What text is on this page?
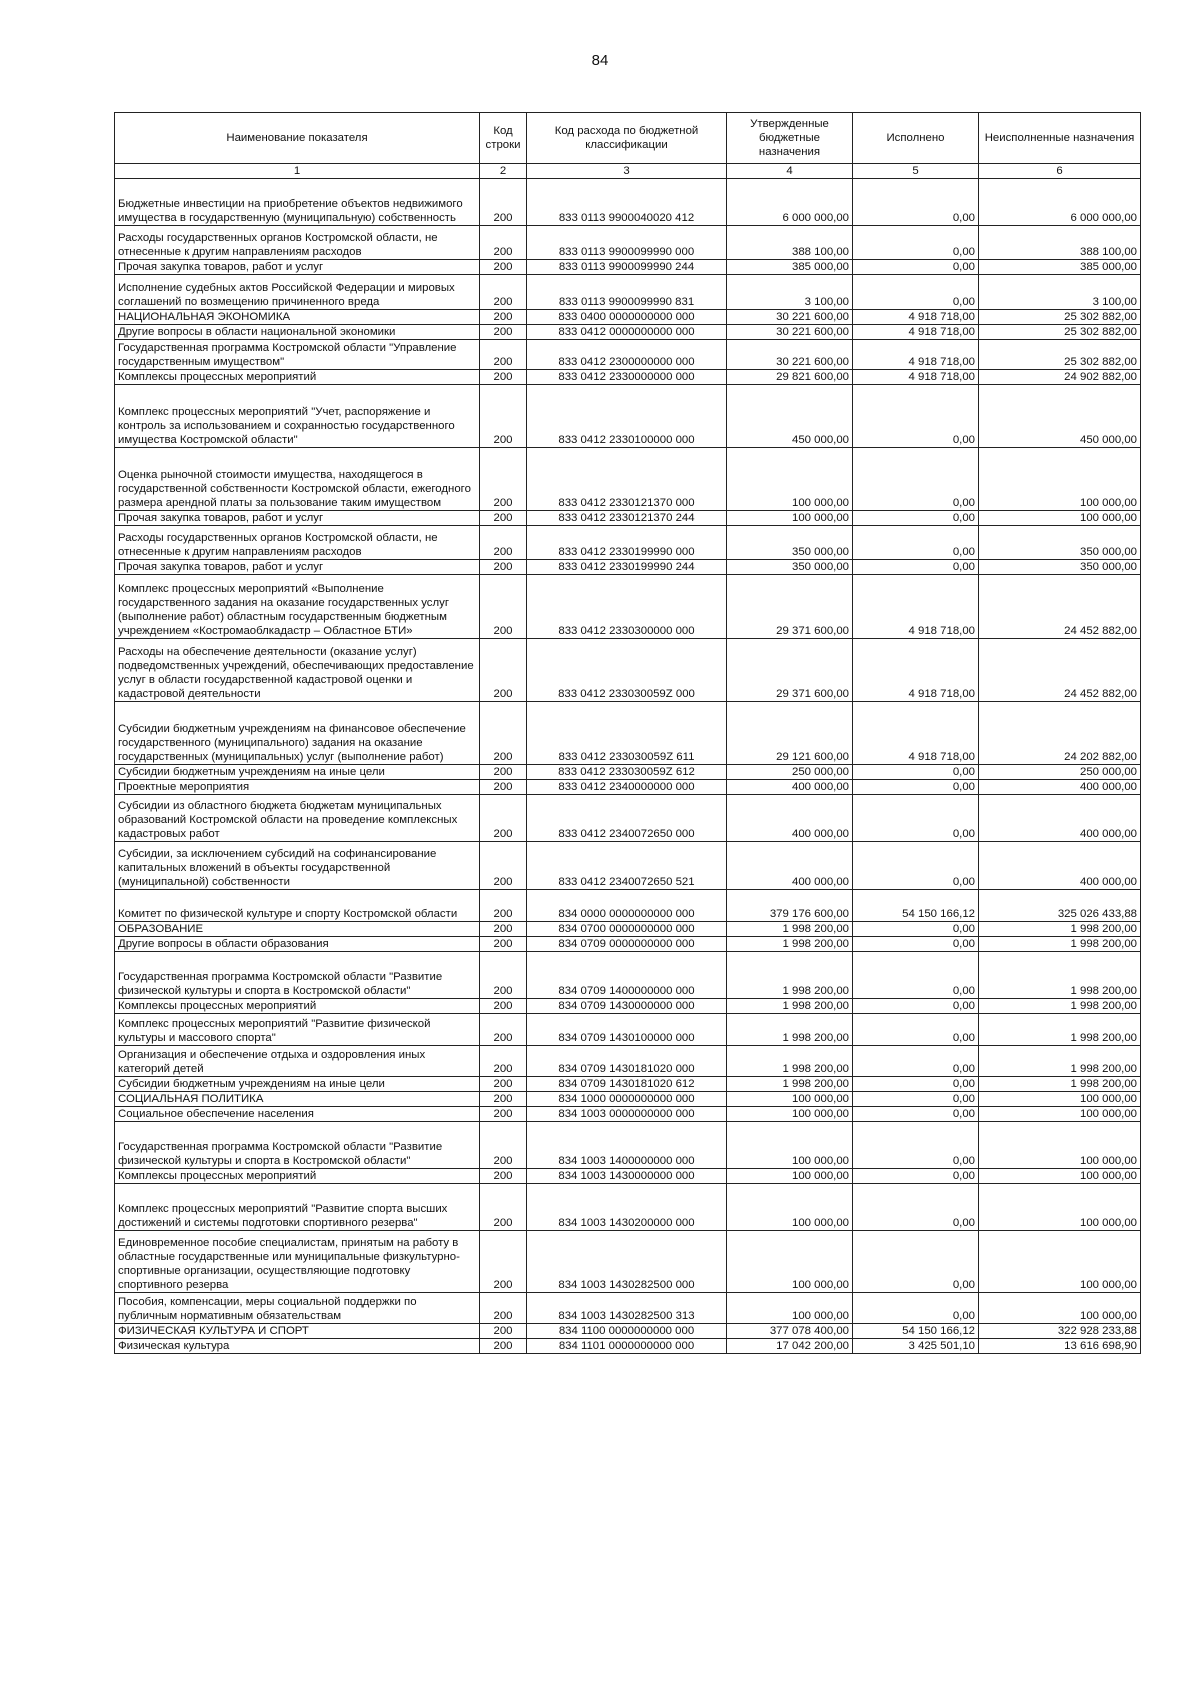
84
Наименование показателя	Код строки	Код расхода по бюджетной классификации	Утвержденные бюджетные назначения	Исполнено	Неисполненные назначения
1	2	3	4	5	6
Бюджетные инвестиции на приобретение объектов недвижимого имущества в государственную (муниципальную) собственность	200	833 0113 9900040020 412	6 000 000,00	0,00	6 000 000,00
Расходы государственных органов Костромской области, не отнесенные к другим направлениям расходов	200	833 0113 9900099990 000	388 100,00	0,00	388 100,00
Прочая закупка товаров, работ и услуг	200	833 0113 9900099990 244	385 000,00	0,00	385 000,00
Исполнение судебных актов Российской Федерации и мировых соглашений по возмещению причиненного вреда	200	833 0113 9900099990 831	3 100,00	0,00	3 100,00
НАЦИОНАЛЬНАЯ ЭКОНОМИКА	200	833 0400 0000000000 000	30 221 600,00	4 918 718,00	25 302 882,00
Другие вопросы в области национальной экономики	200	833 0412 0000000000 000	30 221 600,00	4 918 718,00	25 302 882,00
Государственная программа Костромской области "Управление государственным имуществом"	200	833 0412 2300000000 000	30 221 600,00	4 918 718,00	25 302 882,00
Комплексы процессных мероприятий	200	833 0412 2330000000 000	29 821 600,00	4 918 718,00	24 902 882,00
Комплекс процессных мероприятий "Учет, распоряжение и контроль за использованием и сохранностью государственного имущества Костромской области"	200	833 0412 2330100000 000	450 000,00	0,00	450 000,00
Оценка рыночной стоимости имущества, находящегося в государственной собственности Костромской области, ежегодного размера арендной платы за пользование таким имуществом	200	833 0412 2330121370 000	100 000,00	0,00	100 000,00
Прочая закупка товаров, работ и услуг	200	833 0412 2330121370 244	100 000,00	0,00	100 000,00
Расходы государственных органов Костромской области, не отнесенные к другим направлениям расходов	200	833 0412 2330199990 000	350 000,00	0,00	350 000,00
Прочая закупка товаров, работ и услуг	200	833 0412 2330199990 244	350 000,00	0,00	350 000,00
Комплекс процессных мероприятий «Выполнение государственного задания на оказание государственных услуг (выполнение работ) областным государственным бюджетным учреждением «Костромаоблкадастр – Областное БТИ»	200	833 0412 2330300000 000	29 371 600,00	4 918 718,00	24 452 882,00
Расходы на обеспечение деятельности (оказание услуг) подведомственных учреждений, обеспечивающих предоставление услуг в области государственной кадастровой оценки и кадастровой деятельности	200	833 0412 233030059Z 000	29 371 600,00	4 918 718,00	24 452 882,00
Субсидии бюджетным учреждениям на финансовое обеспечение государственного (муниципального) задания на оказание государственных (муниципальных) услуг (выполнение работ)	200	833 0412 233030059Z 611	29 121 600,00	4 918 718,00	24 202 882,00
Субсидии бюджетным учреждениям на иные цели	200	833 0412 233030059Z 612	250 000,00	0,00	250 000,00
Проектные мероприятия	200	833 0412 2340000000 000	400 000,00	0,00	400 000,00
Субсидии из областного бюджета бюджетам муниципальных образований Костромской области на проведение комплексных кадастровых работ	200	833 0412 2340072650 000	400 000,00	0,00	400 000,00
Субсидии, за исключением субсидий на софинансирование капитальных вложений в объекты государственной (муниципальной) собственности	200	833 0412 2340072650 521	400 000,00	0,00	400 000,00
Комитет по физической культуре и спорту Костромской области	200	834 0000 0000000000 000	379 176 600,00	54 150 166,12	325 026 433,88
ОБРАЗОВАНИЕ	200	834 0700 0000000000 000	1 998 200,00	0,00	1 998 200,00
Другие вопросы в области образования	200	834 0709 0000000000 000	1 998 200,00	0,00	1 998 200,00
Государственная программа Костромской области "Развитие физической культуры и спорта в Костромской области"	200	834 0709 1400000000 000	1 998 200,00	0,00	1 998 200,00
Комплексы процессных мероприятий	200	834 0709 1430000000 000	1 998 200,00	0,00	1 998 200,00
Комплекс процессных мероприятий "Развитие физической культуры и массового спорта"	200	834 0709 1430100000 000	1 998 200,00	0,00	1 998 200,00
Организация и обеспечение отдыха и оздоровления иных категорий детей	200	834 0709 1430181020 000	1 998 200,00	0,00	1 998 200,00
Субсидии бюджетным учреждениям на иные цели	200	834 0709 1430181020 612	1 998 200,00	0,00	1 998 200,00
СОЦИАЛЬНАЯ ПОЛИТИКА	200	834 1000 0000000000 000	100 000,00	0,00	100 000,00
Социальное обеспечение населения	200	834 1003 0000000000 000	100 000,00	0,00	100 000,00
Государственная программа Костромской области "Развитие физической культуры и спорта в Костромской области"	200	834 1003 1400000000 000	100 000,00	0,00	100 000,00
Комплексы процессных мероприятий	200	834 1003 1430000000 000	100 000,00	0,00	100 000,00
Комплекс процессных мероприятий "Развитие спорта высших достижений и системы подготовки спортивного резерва"	200	834 1003 1430200000 000	100 000,00	0,00	100 000,00
Единовременное пособие специалистам, принятым на работу в областные государственные или муниципальные физкультурно-спортивные организации, осуществляющие подготовку спортивного резерва	200	834 1003 1430282500 000	100 000,00	0,00	100 000,00
Пособия, компенсации, меры социальной поддержки по публичным нормативным обязательствам	200	834 1003 1430282500 313	100 000,00	0,00	100 000,00
ФИЗИЧЕСКАЯ КУЛЬТУРА И СПОРТ	200	834 1100 0000000000 000	377 078 400,00	54 150 166,12	322 928 233,88
Физическая культура	200	834 1101 0000000000 000	17 042 200,00	3 425 501,10	13 616 698,90
